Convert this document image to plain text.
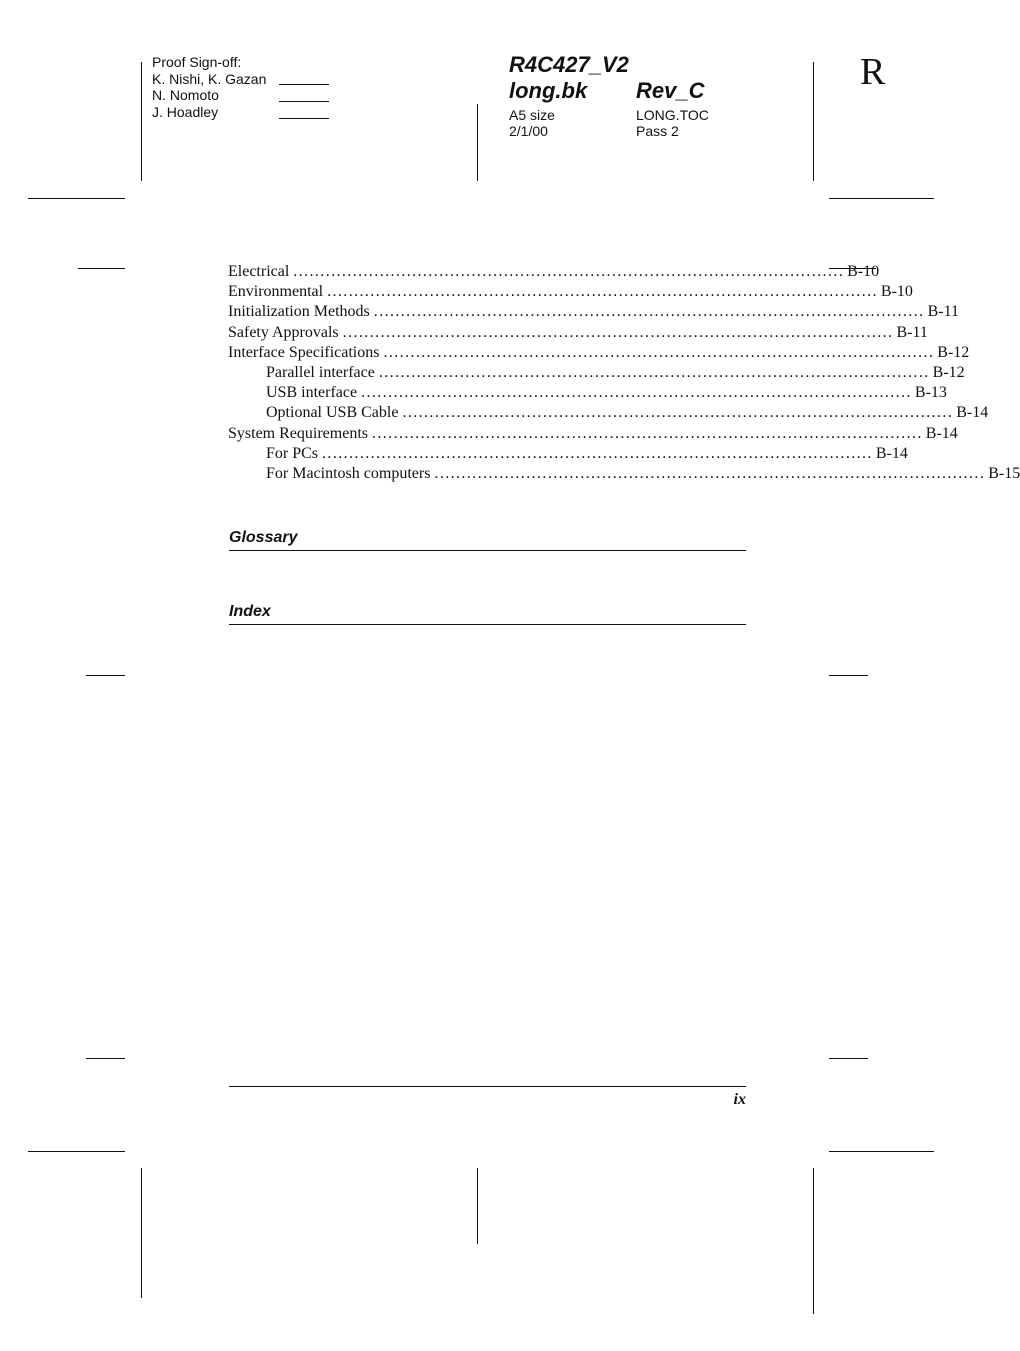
Proof Sign-off:
K. Nishi, K. Gazan
N. Nomoto
J. Hoadley
R4C427_V2
long.bk Rev_C
A5 size
2/1/00
LONG.TOC
Pass 2
R
Electrical ...................................................................................................... B-10
Environmental ...................................................................................................... B-10
Initialization Methods ...................................................................................................... B-11
Safety Approvals ...................................................................................................... B-11
Interface Specifications ...................................................................................................... B-12
Parallel interface ...................................................................................................... B-12
USB interface ...................................................................................................... B-13
Optional USB Cable ...................................................................................................... B-14
System Requirements ...................................................................................................... B-14
For PCs ...................................................................................................... B-14
For Macintosh computers ...................................................................................................... B-15
Glossary
Index
ix
